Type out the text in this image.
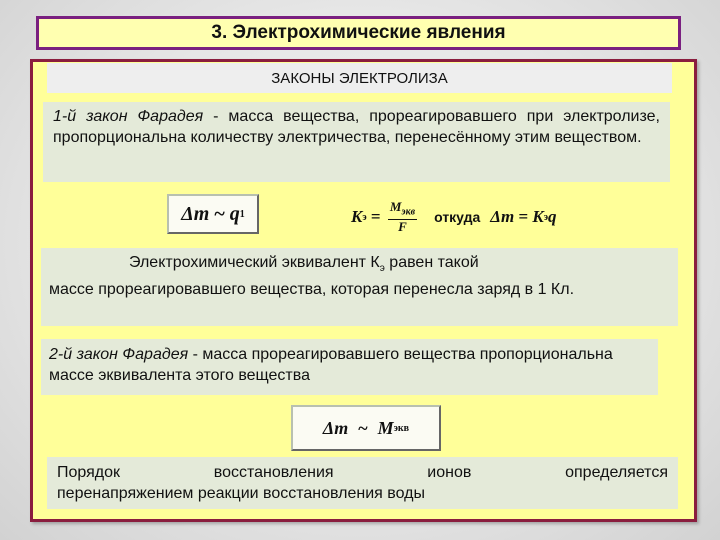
3. Электрохимические явления
ЗАКОНЫ ЭЛЕКТРОЛИЗА
1-й закон Фарадея - масса вещества, прореагировавшего при электролизе, пропорциональна количеству электричества, перенесённому этим веществом.
Δm ~ q 1	K $э = \frac{M_{экв}}{F}$ откуда Δm = K э q
Электрохимический эквивалент $К_э$ равен такой
массе прореагировавшего вещества, которая перенесла заряд в 1 Кл.
2-й закон Фарадея - масса прореагировавшего вещества пропорциональна массе эквивалента этого вещества
Δm ~ M экв
Порядок восстановления ионов определяется
перенапряжением реакции восстановления воды
